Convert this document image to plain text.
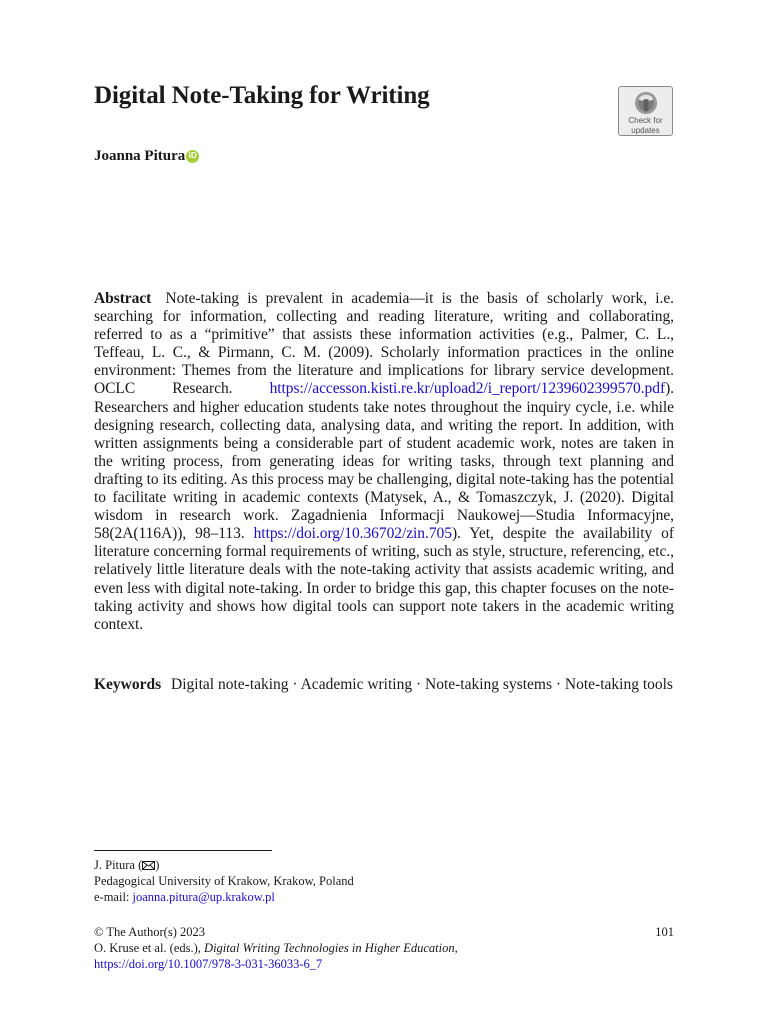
Digital Note-Taking for Writing
Check for
updates

Joanna Pitura iD

Abstract Note-taking is prevalent in academia—it is the basis of scholarly work, i.e. searching for information, collecting and reading literature, writing and collaborating, referred to as a “primitive” that assists these information activities (e.g., Palmer, C. L., Teffeau, L. C., & Pirmann, C. M. (2009). Scholarly information practices in the online environment: Themes from the literature and implications for library service development. OCLC Research. https://accesson.kisti.re.kr/upload2/i_report/1239602399570.pdf). Researchers and higher education students take notes throughout the inquiry cycle, i.e. while designing research, collecting data, analysing data, and writing the report. In addition, with written assignments being a considerable part of student academic work, notes are taken in the writing process, from generating ideas for writing tasks, through text planning and drafting to its editing. As this process may be challenging, digital note-taking has the potential to facilitate writing in academic contexts (Matysek, A., & Tomaszczyk, J. (2020). Digital wisdom in research work. Zagadnienia Informacji Naukowej—Studia Informacyjne, 58(2A(116A)), 98–113. https://doi.org/10.36702/zin.705). Yet, despite the availability of literature concerning formal requirements of writing, such as style, structure, referencing, etc., relatively little literature deals with the note-taking activity that assists academic writing, and even less with digital note-taking. In order to bridge this gap, this chapter focuses on the note-taking activity and shows how digital tools can support note takers in the academic writing context.

Keywords Digital note-taking · Academic writing · Note-taking systems · Note-taking tools

J. Pitura ( )

Pedagogical University of Krakow, Krakow, Poland

e-mail: joanna.pitura@up.krakow.pl

© The Author(s) 2023	101

O. Kruse et al. (eds.), Digital Writing Technologies in Higher Education,

https://doi.org/10.1007/978-3-031-36033-6_7
